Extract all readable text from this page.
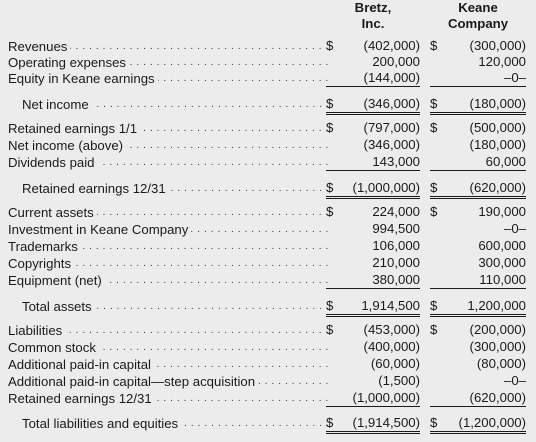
Bretz,
Inc.
Keane
Company
Revenues . . .	$ (402,000) $ (300,000)
Operating expenses . . .	200,000	120,000
Equity in Keane earnings . . .	(144,000)	–0–
Net income . . .	$ (346,000) $ (180,000)
Retained earnings 1/1 . . .	$ (797,000) $ (500,000)
Net income (above) . . .	(346,000)	(180,000)
Dividends paid . . .	143,000	60,000
Retained earnings 12/31 . . .	$ (1,000,000) $ (620,000)
Current assets . . .	$	224,000 $	190,000
Investment in Keane Company . . .	994,500	–0–
Trademarks . . .	106,000	600,000
Copyrights . . .	210,000	300,000
Equipment (net) . . .	380,000	110,000
Total assets . . .	$ 1,914,500 $ 1,200,000
Liabilities . . .	$ (453,000) $ (200,000)
Common stock . . .	(400,000)	(300,000)
Additional paid-in capital . . .	(60,000)	(80,000)
Additional paid-in capital—step acquisition . . .	(1,500)	–0–
Retained earnings 12/31 . . .	(1,000,000)	(620,000)
Total liabilities and equities . . .	$ (1,914,500) $ (1,200,000)
